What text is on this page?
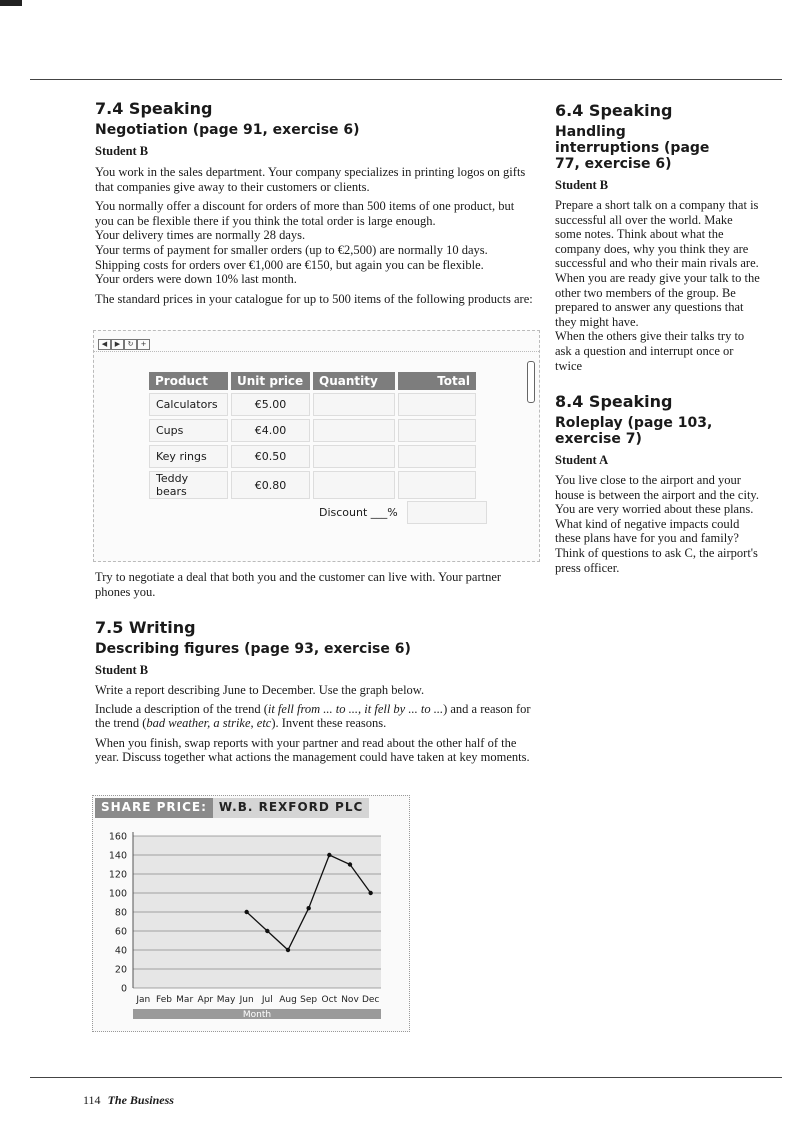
7.4 Speaking
Negotiation (page 91, exercise 6)
Student B

You work in the sales department. Your company specializes in printing logos on gifts that companies give away to their customers or clients.

You normally offer a discount for orders of more than 500 items of one product, but you can be flexible there if you think the total order is large enough.

Your delivery times are normally 28 days.

Your terms of payment for smaller orders (up to €2,500) are normally 10 days. Shipping costs for orders over €1,000 are €150, but again you can be flexible.

Your orders were down 10% last month.

The standard prices in your catalogue for up to 500 items of the following products are:

◀	▶	↻	+
Product	Unit price	Quantity	Total
Calculators	€5.00		
Cups	€4.00		
Key rings	€0.50		
Teddy bears	€0.80		
Discount ___%

Try to negotiate a deal that both you and the customer can live with. Your partner phones you.

7.5 Writing
Describing figures (page 93, exercise 6)
Student B

Write a report describing June to December. Use the graph below.

Include a description of the trend (it fell from ... to ..., it fell by ... to ...) and a reason for the trend (bad weather, a strike, etc). Invent these reasons.

When you finish, swap reports with your partner and read about the other half of the year. Discuss together what actions the management could have taken at key moments.

SHARE PRICE:	W.B. REXFORD PLC
0
20
40
60
80
100
120
140
160
Jan Feb Mar Apr May Jun Jul Aug Sep Oct Nov Dec
Month
6.4 Speaking
Handling interruptions (page 77, exercise 6)
Student B

Prepare a short talk on a company that is successful all over the world. Make some notes. Think about what the company does, why you think they are successful and who their main rivals are.

When you are ready give your talk to the other two members of the group. Be prepared to answer any questions that they might have.

When the others give their talks try to ask a question and interrupt once or twice

8.4 Speaking
Roleplay (page 103, exercise 7)
Student A

You live close to the airport and your house is between the airport and the city. You are very worried about these plans. What kind of negative impacts could these plans have for you and family? Think of questions to ask C, the airport's press officer.

114 The Business
